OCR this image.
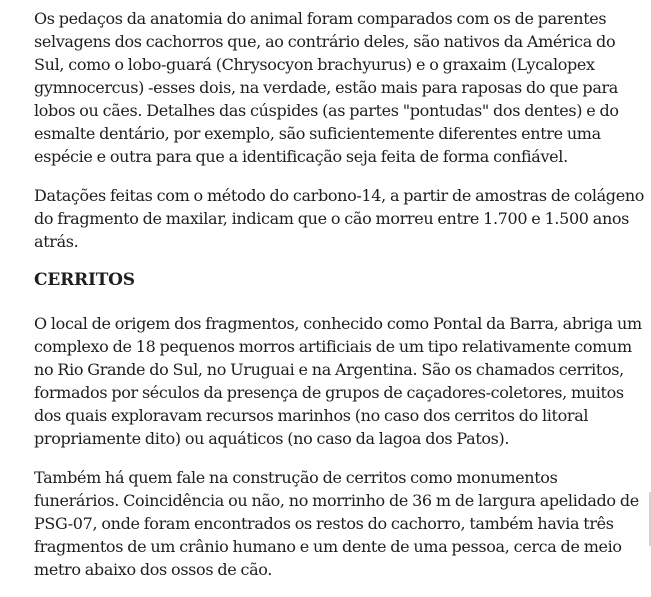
Os pedaços da anatomia do animal foram comparados com os de parentes selvagens dos cachorros que, ao contrário deles, são nativos da América do Sul, como o lobo-guará (Chrysocyon brachyurus) e o graxaim (Lycalopex gymnocercus) -esses dois, na verdade, estão mais para raposas do que para lobos ou cães. Detalhes das cúspides (as partes "pontudas" dos dentes) e do esmalte dentário, por exemplo, são suficientemente diferentes entre uma espécie e outra para que a identificação seja feita de forma confiável.

Datações feitas com o método do carbono-14, a partir de amostras de colágeno do fragmento de maxilar, indicam que o cão morreu entre 1.700 e 1.500 anos atrás.

CERRITOS

O local de origem dos fragmentos, conhecido como Pontal da Barra, abriga um complexo de 18 pequenos morros artificiais de um tipo relativamente comum no Rio Grande do Sul, no Uruguai e na Argentina. São os chamados cerritos, formados por séculos da presença de grupos de caçadores-coletores, muitos dos quais exploravam recursos marinhos (no caso dos cerritos do litoral propriamente dito) ou aquáticos (no caso da lagoa dos Patos).

Também há quem fale na construção de cerritos como monumentos funerários. Coincidência ou não, no morrinho de 36 m de largura apelidado de PSG-07, onde foram encontrados os restos do cachorro, também havia três fragmentos de um crânio humano e um dente de uma pessoa, cerca de meio metro abaixo dos ossos de cão.
